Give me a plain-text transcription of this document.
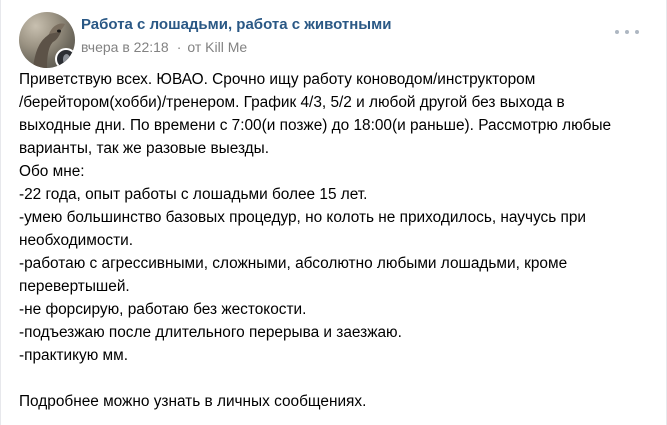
Работа с лошадьми, работа с животными
вчера в 22:18 · от Kill Me
Приветствую всех. ЮВАО. Срочно ищу работу коноводом/инструктором
/берейтором(хобби)/тренером. График 4/3, 5/2 и любой другой без выхода в
выходные дни. По времени с 7:00(и позже) до 18:00(и раньше). Рассмотрю любые
варианты, так же разовые выезды.
Обо мне:
-22 года, опыт работы с лошадьми более 15 лет.
-умею большинство базовых процедур, но колоть не приходилось, научусь при
необходимости.
-работаю с агрессивными, сложными, абсолютно любыми лошадьми, кроме
перевертышей.
-не форсирую, работаю без жестокости.
-подъезжаю после длительного перерыва и заезжаю.
-практикую мм.
Подробнее можно узнать в личных сообщениях.
